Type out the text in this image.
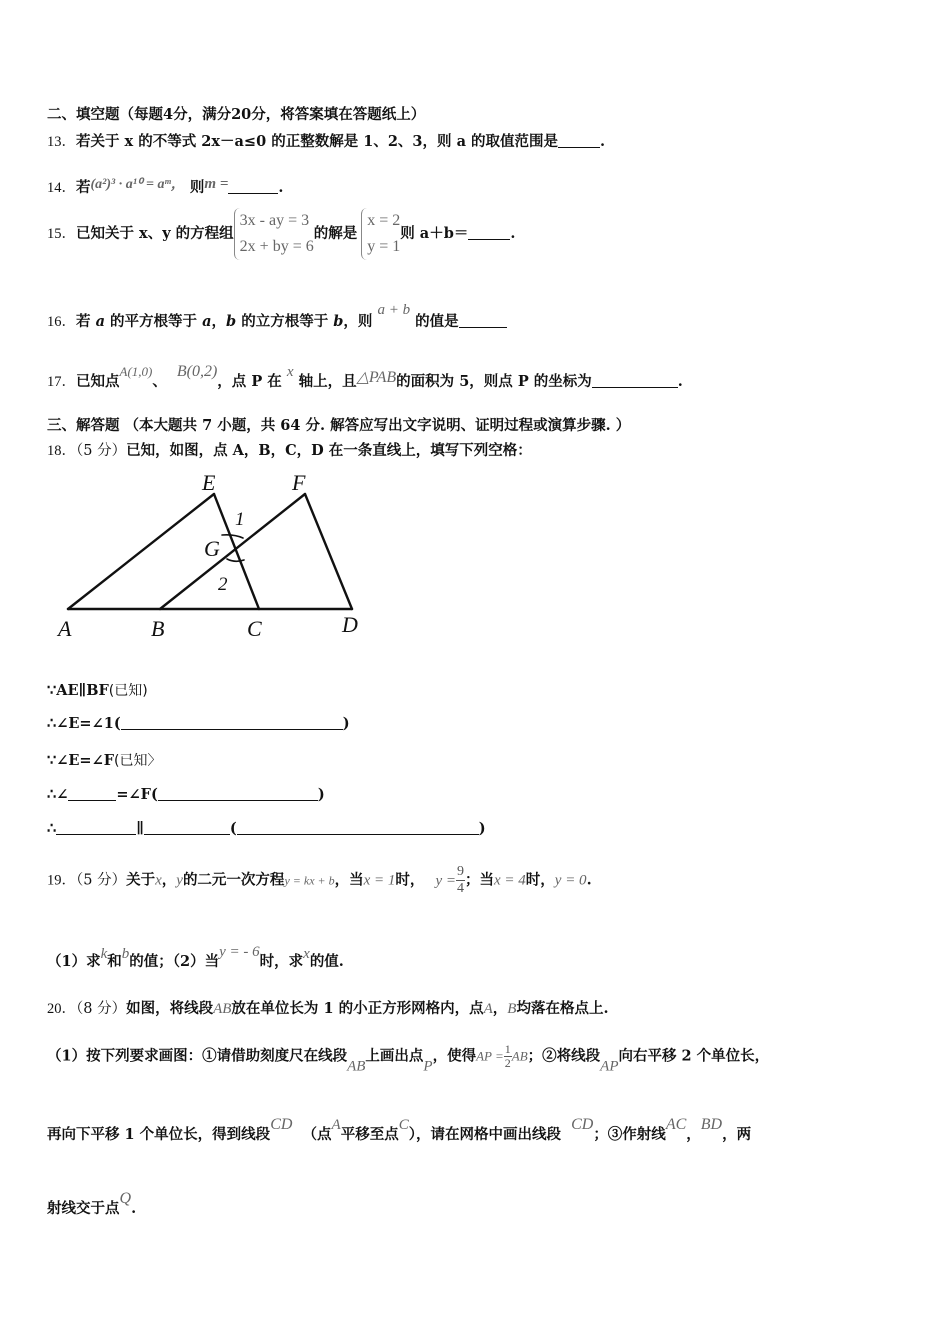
二、填空题（每题4分，满分20分，将答案填在答题纸上）
13．若关于 x 的不等式 2x－a≤0 的正整数解是 1、2、3，则 a 的取值范围是	.
14．若(a²)³ · a¹⁰ = aᵐ， 则m =	.
15．已知关于 x、y 的方程组
3x - ay = 3
2x + by = 6
的解是
x = 2
y = 1
则 a＋b＝	.
16．若 a 的平方根等于 a，b 的立方根等于 b，则 a + b 的值是
17．已知点A(1,0)、B(0,2)，点 P 在 x 轴上，且△PAB的面积为 5，则点 P 的坐标为	.
三、解答题 （本大题共 7 小题，共 64 分. 解答应写出文字说明、证明过程或演算步骤. ）
18．（5 分）已知，如图，点 A，B，C，D 在一条直线上，填写下列空格：
E	F
1
G
2
A	B	C	D
∵AE∥BF(已知)
∴∠E=∠1(	)
∵∠E=∠F(已知〉
∴∠	=∠F(	)
∴	∥	(	)
19．（5 分）关于x，y的二元一次方程y = kx + b，当x = 1时， $y = \frac{9}{4}$ ；当x = 4时，y = 0.
（1）求k和b的值；（2）当y = - 6时，求x的值.
20．（8 分）如图，将线段AB放在单位长为 1 的小正方形网格内，点A，B均落在格点上.
（1）按下列要求画图：①请借助刻度尺在线段AB上画出点P，使得AP = $\frac{1}{2}$ AB；②将线段AP向右平移 2 个单位长，
再向下平移 1 个单位长，得到线段CD  （点A平移至点C），请在网格中画出线段  CD；③作射线AC，BD，两
射线交于点Q.
